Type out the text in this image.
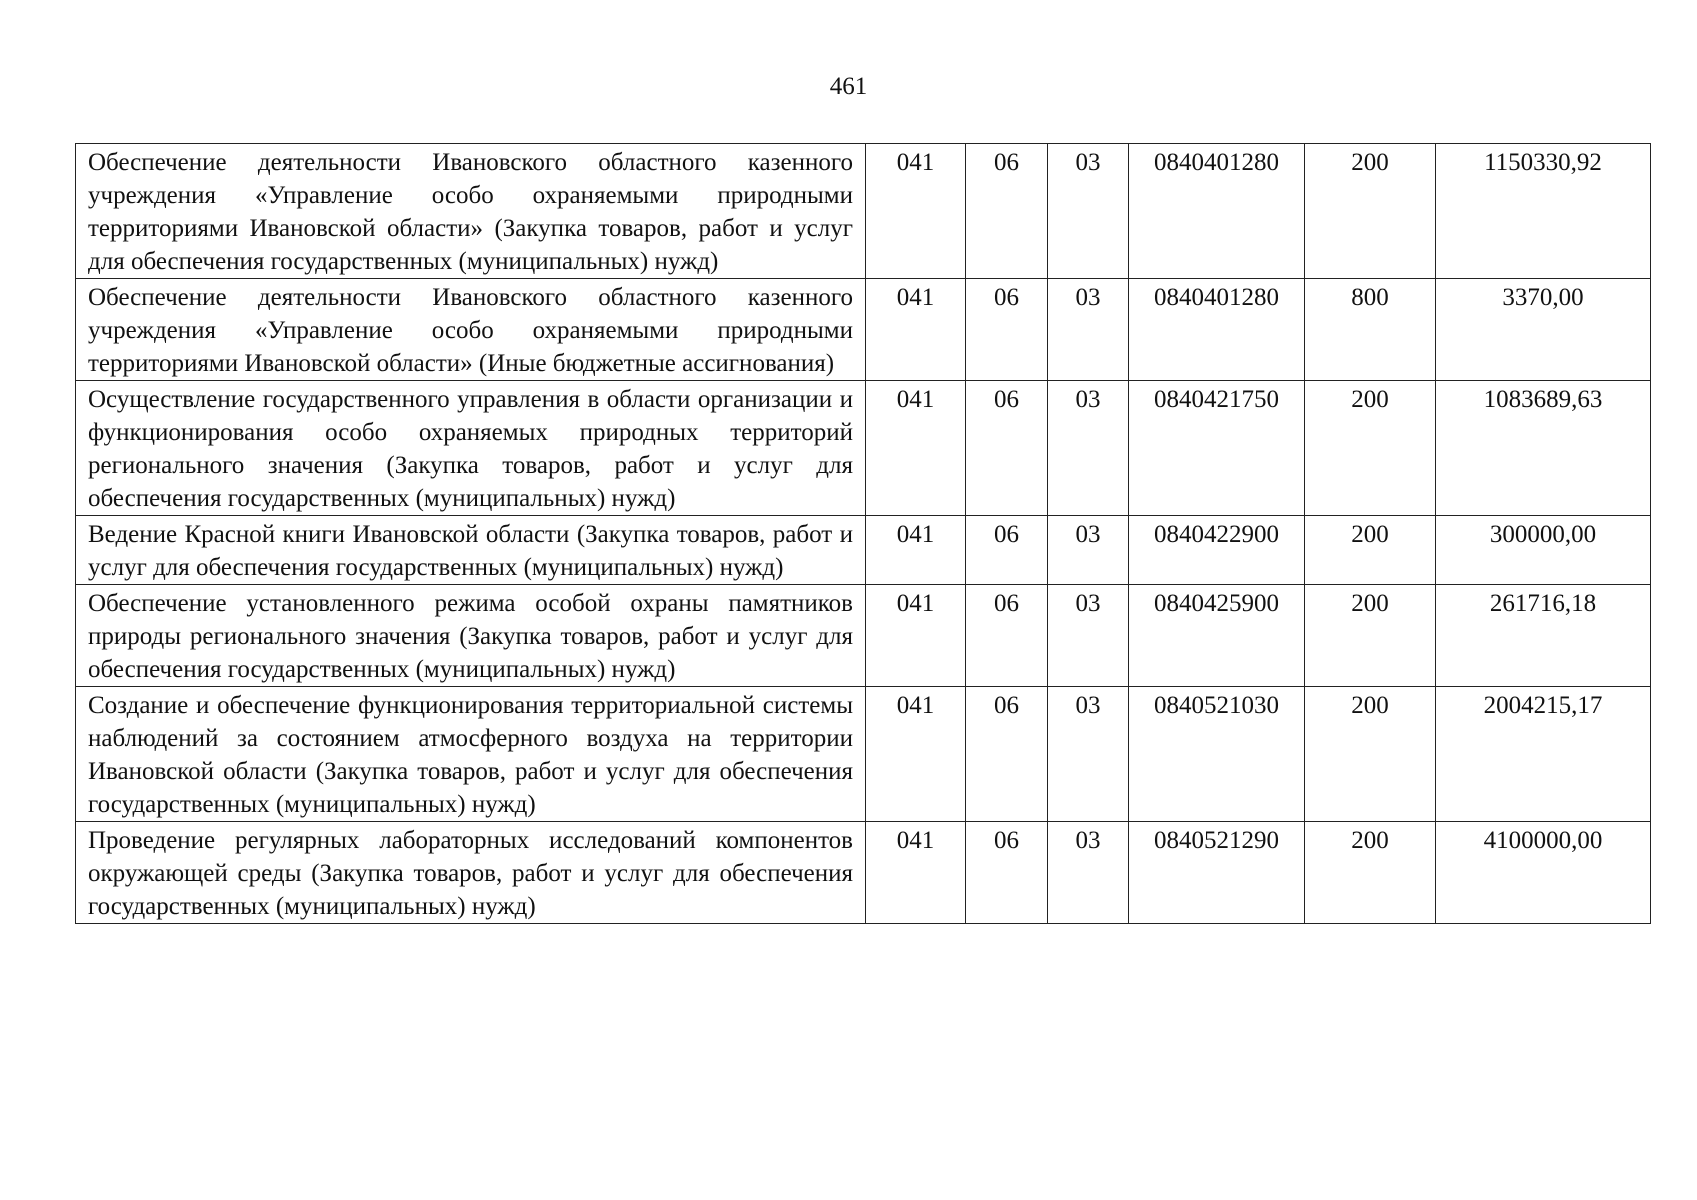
461
Обеспечение деятельности Ивановского областного казенного учреждения «Управление особо охраняемыми природными территориями Ивановской области» (Закупка товаров, работ и услуг для обеспечения государственных (муниципальных) нужд)	041	06	03	0840401280	200	1150330,92
Обеспечение деятельности Ивановского областного казенного учреждения «Управление особо охраняемыми природными территориями Ивановской области» (Иные бюджетные ассигнования)	041	06	03	0840401280	800	3370,00
Осуществление государственного управления в области организации и функционирования особо охраняемых природных территорий регионального значения (Закупка товаров, работ и услуг для обеспечения государственных (муниципальных) нужд)	041	06	03	0840421750	200	1083689,63
Ведение Красной книги Ивановской области (Закупка товаров, работ и услуг для обеспечения государственных (муниципальных) нужд)	041	06	03	0840422900	200	300000,00
Обеспечение установленного режима особой охраны памятников природы регионального значения (Закупка товаров, работ и услуг для обеспечения государственных (муниципальных) нужд)	041	06	03	0840425900	200	261716,18
Создание и обеспечение функционирования территориальной системы наблюдений за состоянием атмосферного воздуха на территории Ивановской области (Закупка товаров, работ и услуг для обеспечения государственных (муниципальных) нужд)	041	06	03	0840521030	200	2004215,17
Проведение регулярных лабораторных исследований компонентов окружающей среды (Закупка товаров, работ и услуг для обеспечения государственных (муниципальных) нужд)	041	06	03	0840521290	200	4100000,00
